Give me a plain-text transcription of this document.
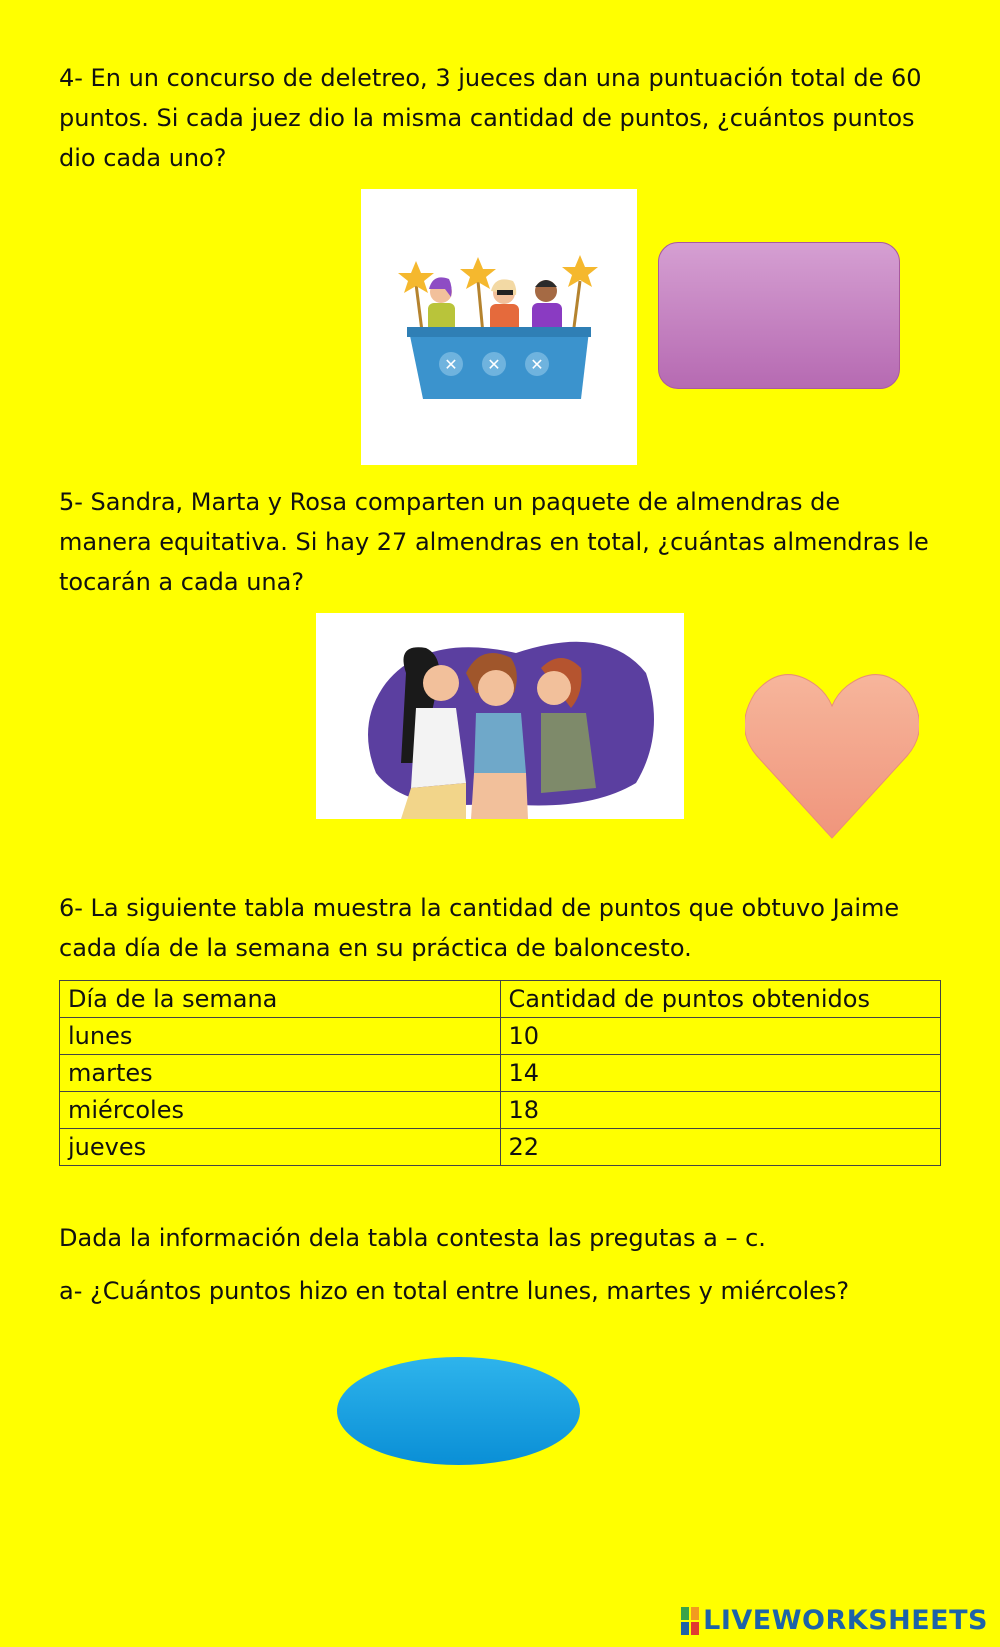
4- En un concurso de deletreo, 3 jueces dan una puntuación total de 60 puntos. Si cada juez dio la misma cantidad de puntos, ¿cuántos puntos dio cada uno?

✕ ✕ ✕

5- Sandra, Marta y Rosa comparten un paquete de almendras de manera equitativa. Si hay 27 almendras en total, ¿cuántas almendras le tocarán a cada una?

6- La siguiente tabla muestra la cantidad de puntos que obtuvo Jaime cada día de la semana en su práctica de baloncesto.

Día de la semana	Cantidad de puntos obtenidos
lunes	10
martes	14
miércoles	18
jueves	22

Dada la información dela tabla contesta las pregutas a – c.

a- ¿Cuántos puntos hizo en total entre lunes, martes y miércoles?

LIVEWORKSHEETS
